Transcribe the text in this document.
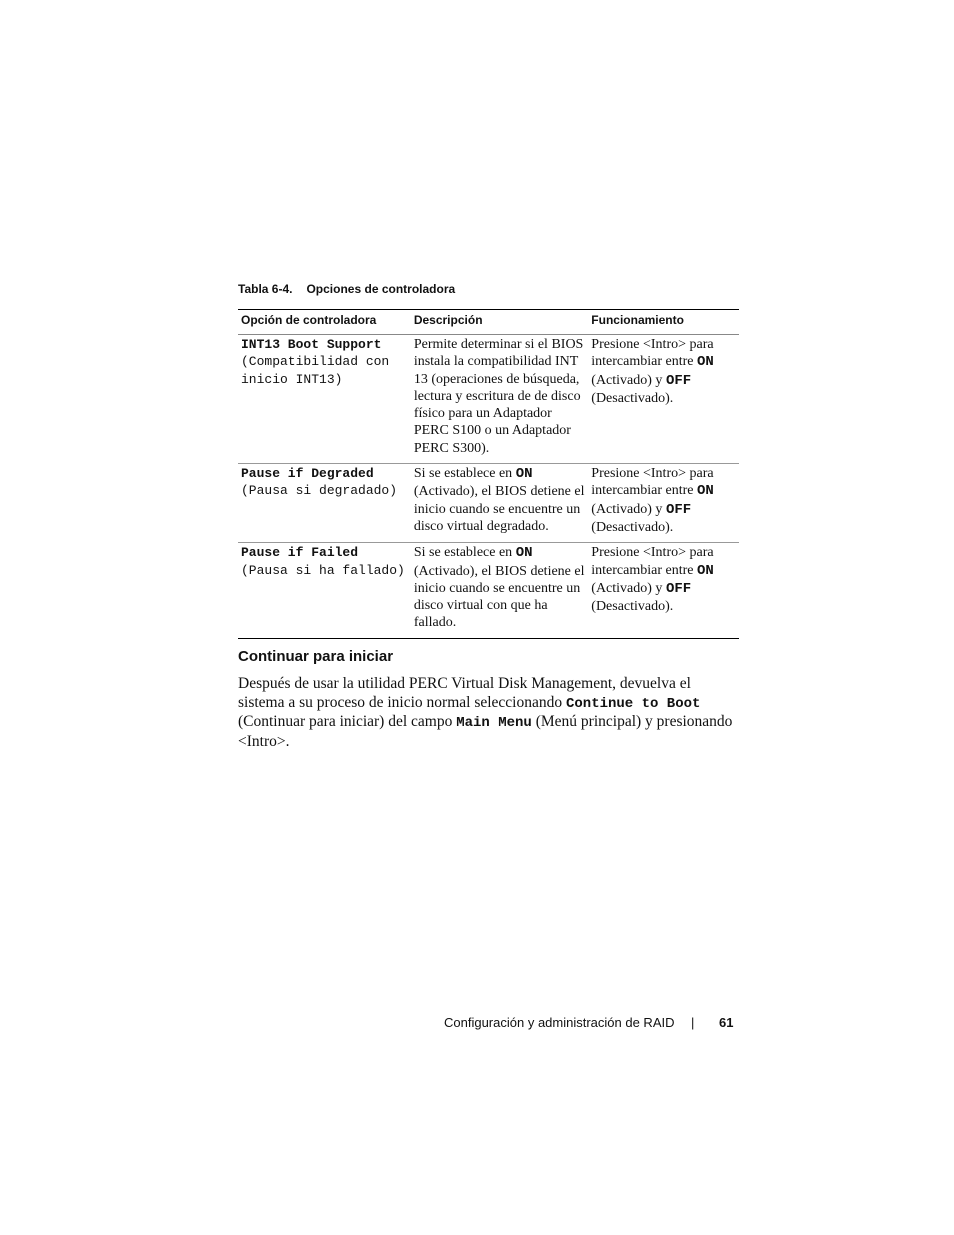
Tabla 6-4. Opciones de controladora
Opción de controladora	Descripción	Funcionamiento
INT13 Boot Support
(Compatibilidad con inicio INT13)	Permite determinar si el BIOS instala la compatibilidad INT 13 (operaciones de búsqueda, lectura y escritura de de disco físico para un Adaptador PERC S100 o un Adaptador PERC S300).	Presione <Intro> para intercambiar entre ON (Activado) y OFF (Desactivado).
Pause if Degraded
(Pausa si degradado)	Si se establece en ON (Activado), el BIOS detiene el inicio cuando se encuentre un disco virtual degradado.	Presione <Intro> para intercambiar entre ON (Activado) y OFF (Desactivado).
Pause if Failed
(Pausa si ha fallado)	Si se establece en ON (Activado), el BIOS detiene el inicio cuando se encuentre un disco virtual con que ha fallado.	Presione <Intro> para intercambiar entre ON (Activado) y OFF (Desactivado).
Continuar para iniciar

Después de usar la utilidad PERC Virtual Disk Management, devuelva el sistema a su proceso de inicio normal seleccionando Continue to Boot (Continuar para iniciar) del campo Main Menu (Menú principal) y presionando <Intro>.

Configuración y administración de RAID | 61
